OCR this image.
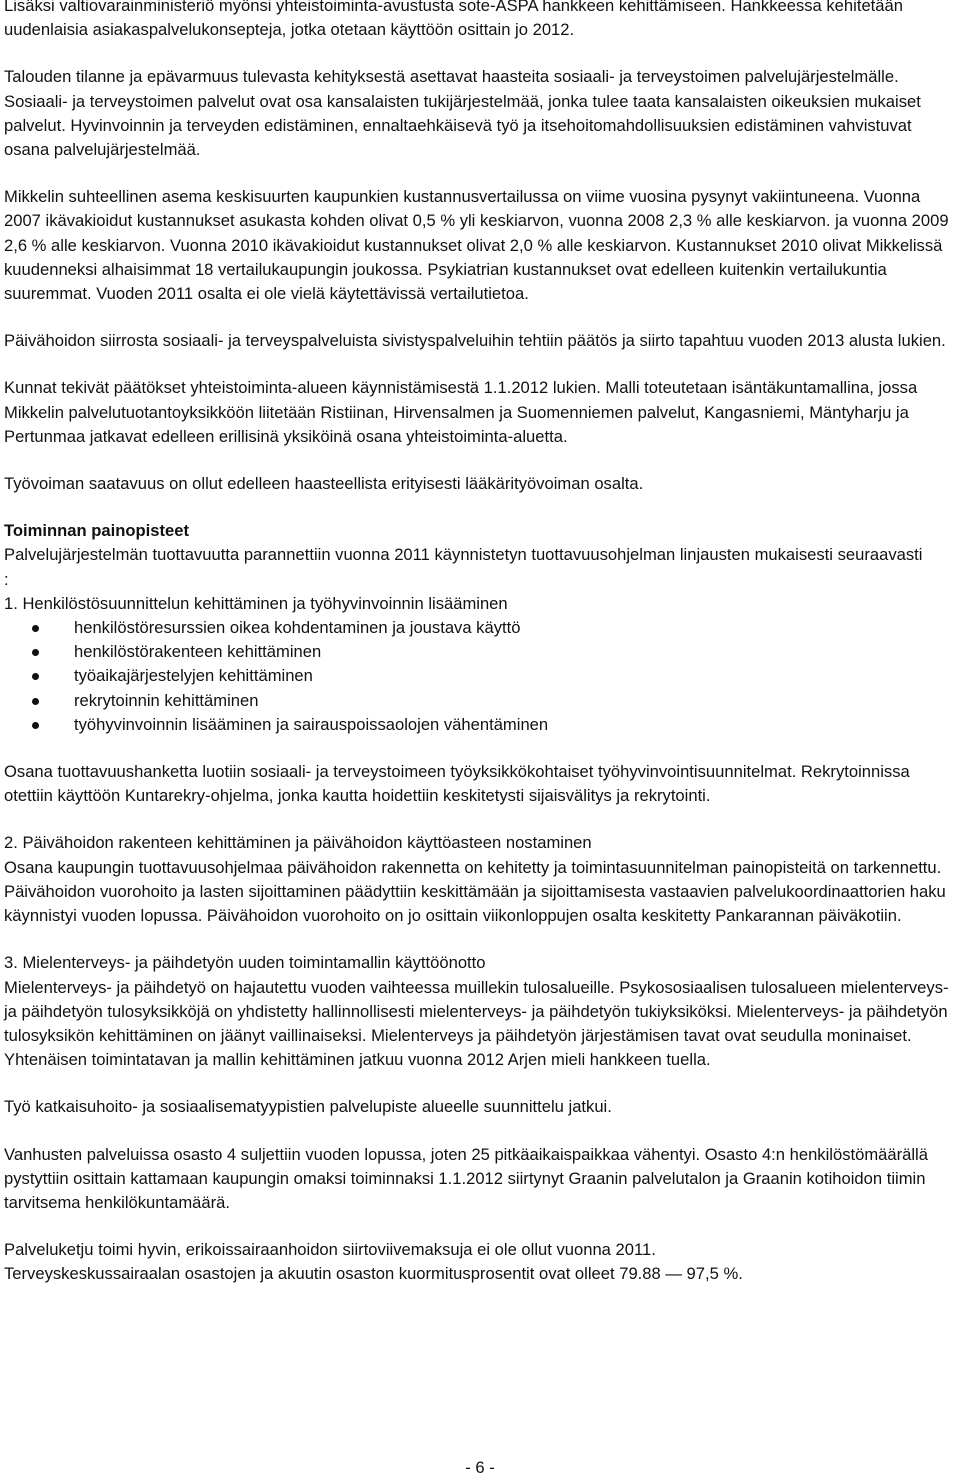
Lisäksi valtiovarainministeriö myönsi yhteistoiminta-avustusta sote-ASPA hankkeen kehittämiseen. Hankkeessa kehitetään uudenlaisia asiakaspalvelukonsepteja, jotka otetaan käyttöön osittain jo 2012.

Talouden tilanne ja epävarmuus tulevasta kehityksestä asettavat haasteita sosiaali- ja terveystoimen palvelujärjestelmälle. Sosiaali- ja terveystoimen palvelut ovat osa kansalaisten tukijärjestelmää, jonka tulee taata kansalaisten oikeuksien mukaiset palvelut. Hyvinvoinnin ja terveyden edistäminen, ennaltaehkäisevä työ ja itsehoitomahdollisuuksien edistäminen vahvistuvat osana palvelujärjestelmää.

Mikkelin suhteellinen asema keskisuurten kaupunkien kustannusvertailussa on viime vuosina pysynyt vakiintuneena. Vuonna 2007 ikävakioidut kustannukset asukasta kohden olivat 0,5 % yli keskiarvon, vuonna 2008 2,3 % alle keskiarvon. ja vuonna 2009 2,6 % alle keskiarvon. Vuonna 2010 ikävakioidut kustannukset olivat 2,0 % alle keskiarvon. Kustannukset 2010 olivat Mikkelissä kuudenneksi alhaisimmat 18 vertailukaupungin joukossa. Psykiatrian kustannukset ovat edelleen kuitenkin vertailukuntia suuremmat. Vuoden 2011 osalta ei ole vielä käytettävissä vertailutietoa.

Päivähoidon siirrosta sosiaali- ja terveyspalveluista sivistyspalveluihin tehtiin päätös ja siirto tapahtuu vuoden 2013 alusta lukien.

Kunnat tekivät päätökset yhteistoiminta-alueen käynnistämisestä 1.1.2012 lukien. Malli toteutetaan isäntäkuntamallina, jossa Mikkelin palvelutuotantoyksikköön liitetään Ristiinan, Hirvensalmen ja Suomenniemen palvelut, Kangasniemi, Mäntyharju ja Pertunmaa jatkavat edelleen erillisinä yksiköinä osana yhteistoiminta-aluetta.

Työvoiman saatavuus on ollut edelleen haasteellista erityisesti lääkärityövoiman osalta.

Toiminnan painopisteet
Palvelujärjestelmän tuottavuutta parannettiin vuonna 2011 käynnistetyn tuottavuusohjelman linjausten mukaisesti seuraavasti
:
1. Henkilöstösuunnittelun kehittäminen ja työhyvinvoinnin lisääminen
henkilöstöresurssien oikea kohdentaminen ja joustava käyttö
henkilöstörakenteen kehittäminen
työaikajärjestelyjen kehittäminen
rekrytoinnin kehittäminen
työhyvinvoinnin lisääminen ja sairauspoissaolojen vähentäminen

Osana tuottavuushanketta luotiin sosiaali- ja terveystoimeen työyksikkökohtaiset työhyvinvointisuunnitelmat. Rekrytoinnissa otettiin käyttöön Kuntarekry-ohjelma, jonka kautta hoidettiin keskitetysti sijaisvälitys ja rekrytointi.

2. Päivähoidon rakenteen kehittäminen ja päivähoidon käyttöasteen nostaminen

Osana kaupungin tuottavuusohjelmaa päivähoidon rakennetta on kehitetty ja toimintasuunnitelman painopisteitä on tarkennettu. Päivähoidon vuorohoito ja lasten sijoittaminen päädyttiin keskittämään ja sijoittamisesta vastaavien palvelukoordinaattorien haku käynnistyi vuoden lopussa. Päivähoidon vuorohoito on jo osittain viikonloppujen osalta keskitetty Pankarannan päiväkotiin.

3. Mielenterveys- ja päihdetyön uuden toimintamallin käyttöönotto

Mielenterveys- ja päihdetyö on hajautettu vuoden vaihteessa muillekin tulosalueille. Psykososiaalisen tulosalueen mielenterveys- ja päihdetyön tulosyksikköjä on yhdistetty hallinnollisesti mielenterveys- ja päihdetyön tukiyksiköksi. Mielenterveys- ja päihdetyön tulosyksikön kehittäminen on jäänyt vaillinaiseksi. Mielenterveys ja päihdetyön järjestämisen tavat ovat seudulla moninaiset. Yhtenäisen toimintatavan ja mallin kehittäminen jatkuu vuonna 2012 Arjen mieli hankkeen tuella.

Työ katkaisuhoito- ja sosiaalisematyypistien palvelupiste alueelle suunnittelu jatkui.

Vanhusten palveluissa osasto 4 suljettiin vuoden lopussa, joten 25 pitkäaikaispaikkaa vähentyi. Osasto 4:n henkilöstömäärällä pystyttiin osittain kattamaan kaupungin omaksi toiminnaksi 1.1.2012 siirtynyt Graanin palvelutalon ja Graanin kotihoidon tiimin tarvitsema henkilökuntamäärä.

Palveluketju toimi hyvin, erikoissairaanhoidon siirtoviivemaksuja ei ole ollut vuonna 2011.
Terveyskeskussairaalan osastojen ja akuutin osaston kuormitusprosentit ovat olleet 79.88 — 97,5 %.
- 6 -
